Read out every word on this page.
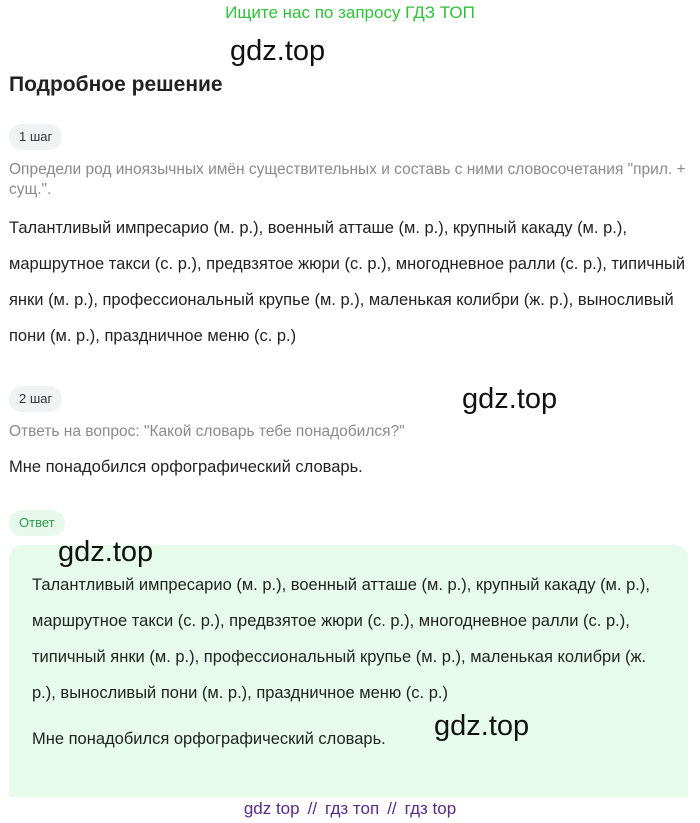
Ищите нас по запросу ГДЗ ТОП
gdz.top
Подробное решение
1 шаг

Определи род иноязычных имён существительных и составь с ними словосочетания "прил. + сущ.".

Талантливый импресарио (м. р.), военный атташе (м. р.), крупный какаду (м. р.), маршрутное такси (с. р.), предвзятое жюри (с. р.), многодневное ралли (с. р.), типичный янки (м. р.), профессиональный крупье (м. р.), маленькая колибри (ж. р.), выносливый пони (м. р.), праздничное меню (с. р.)

2 шаг	gdz.top

Ответь на вопрос: "Какой словарь тебе понадобился?"

Мне понадобился орфографический словарь.

Ответ

Талантливый импресарио (м. р.), военный атташе (м. р.), крупный какаду (м. р.), маршрутное такси (с. р.), предвзятое жюри (с. р.), многодневное ралли (с. р.), типичный янки (м. р.), профессиональный крупье (м. р.), маленькая колибри (ж. р.), выносливый пони (м. р.), праздничное меню (с. р.)

Мне понадобился орфографический словарь.

gdz.top
gdz.top
gdz top // гдз топ // гдз top
